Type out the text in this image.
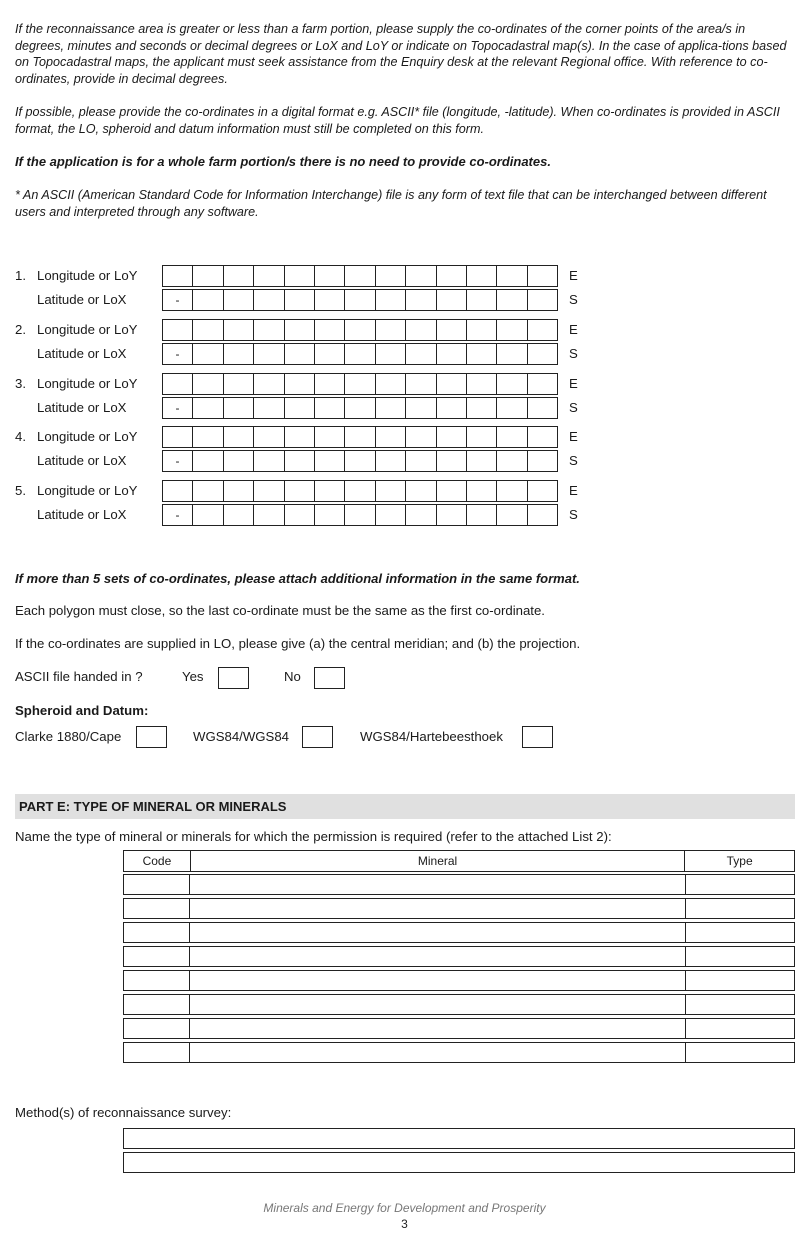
If the reconnaissance area is greater or less than a farm portion, please supply the co-ordinates of the corner points of the area/s in degrees, minutes and seconds or decimal degrees or LoX and LoY or indicate on Topocadastral map(s). In the case of applica-tions based on Topocadastral maps, the applicant must seek assistance from the Enquiry desk at the relevant Regional office. With reference to co-ordinates, provide in decimal degrees.
If possible, please provide the co-ordinates in a digital format e.g. ASCII* file (longitude, -latitude). When co-ordinates is provided in ASCII format, the LO, spheroid and datum information must still be completed on this form.
If the application is for a whole farm portion/s there is no need to provide co-ordinates.
* An ASCII (American Standard Code for Information Interchange) file is any form of text file that can be interchanged between different users and interpreted through any software.
1. Longitude or LoY	E
Latitude or LoX	-	S
2. Longitude or LoY	E
Latitude or LoX	-	S
3. Longitude or LoY	E
Latitude or LoX	-	S
4. Longitude or LoY	E
Latitude or LoX	-	S
5. Longitude or LoY	E
Latitude or LoX	-	S
If more than 5 sets of co-ordinates, please attach additional information in the same format.
Each polygon must close, so the last co-ordinate must be the same as the first co-ordinate.
If the co-ordinates are supplied in LO, please give (a) the central meridian; and (b) the projection.
ASCII file handed in ?	Yes	No
Spheroid and Datum:
Clarke 1880/Cape	WGS84/WGS84	WGS84/Hartebeesthoek
PART E: TYPE OF MINERAL OR MINERALS
Name the type of mineral or minerals for which the permission is required (refer to the attached List 2):
Code	Mineral	Type
Method(s) of reconnaissance survey:
Minerals and Energy for Development and Prosperity
3
